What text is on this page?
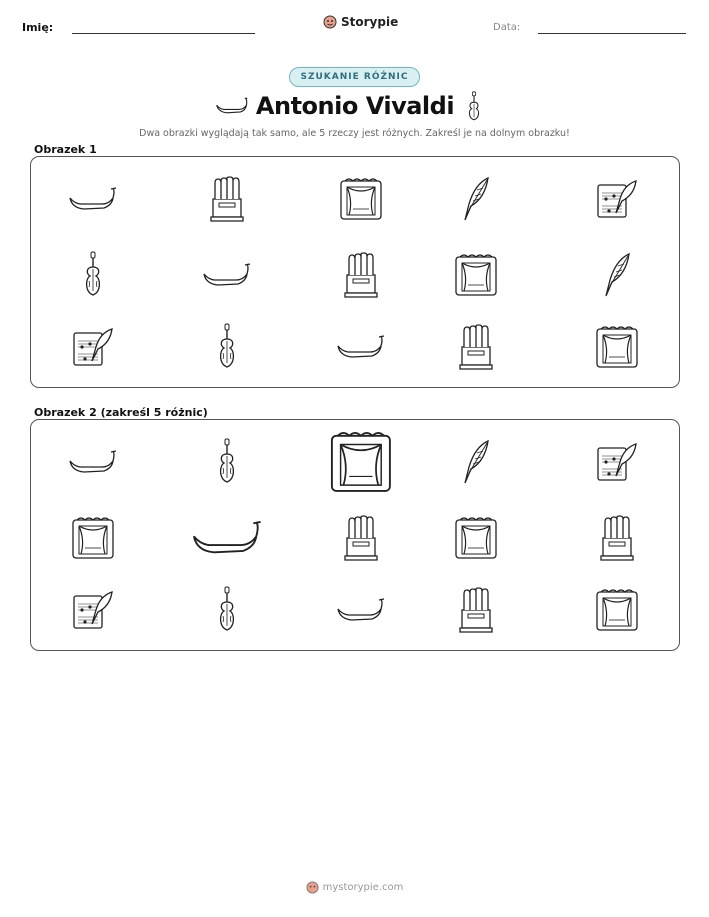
Imię:	Storypie	Data:
SZUKANIE RÓŻNIC
Antonio Vivaldi
Dwa obrazki wyglądają tak samo, ale 5 rzeczy jest różnych. Zakreśl je na dolnym obrazku!
Obrazek 1
Obrazek 2 (zakreśl 5 różnic)
mystorypie.com
